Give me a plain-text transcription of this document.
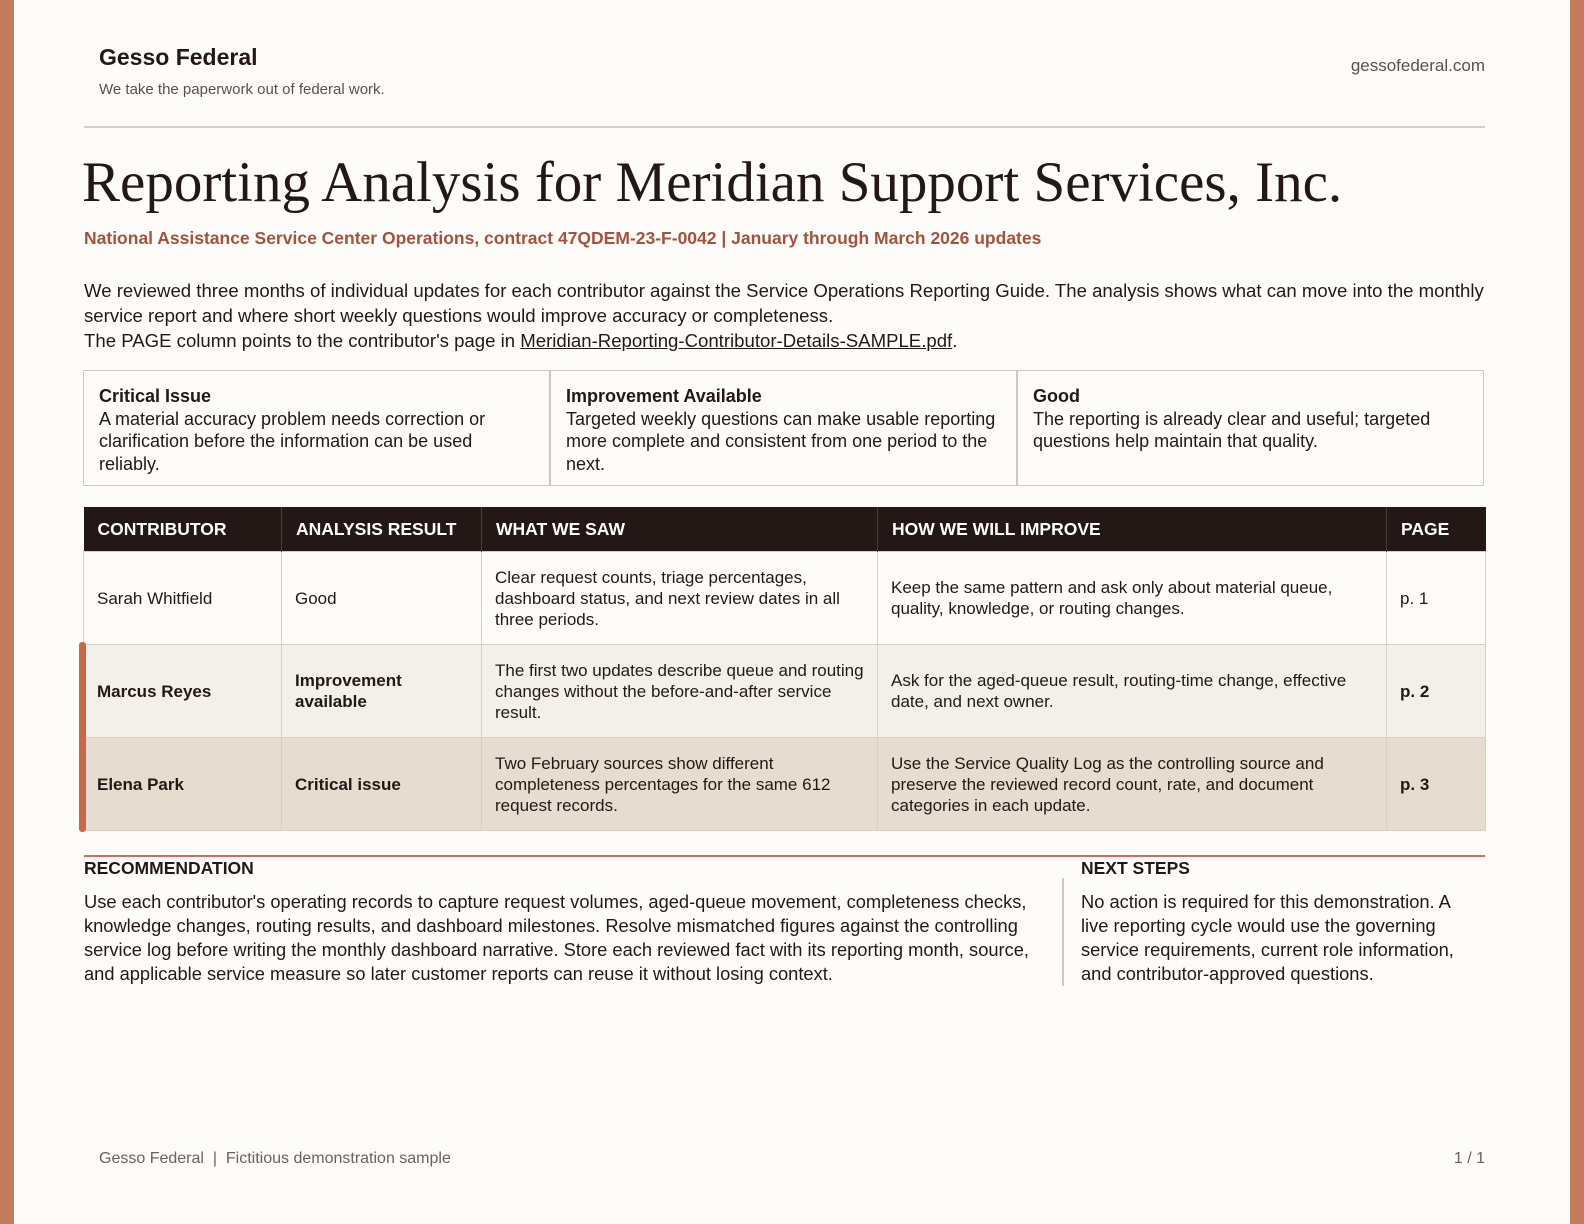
Gesso Federal
We take the paperwork out of federal work.
gessofederal.com
Reporting Analysis for Meridian Support Services, Inc.
National Assistance Service Center Operations, contract 47QDEM-23-F-0042 | January through March 2026 updates

We reviewed three months of individual updates for each contributor against the Service Operations Reporting Guide. The analysis shows what can move into the monthly service report and where short weekly questions would improve accuracy or completeness.

The PAGE column points to the contributor's page in Meridian-Reporting-Contributor-Details-SAMPLE.pdf.

Critical Issue
A material accuracy problem needs correction or clarification before the information can be used reliably.
Improvement Available
Targeted weekly questions can make usable reporting more complete and consistent from one period to the next.
Good
The reporting is already clear and useful; targeted questions help maintain that quality.
CONTRIBUTOR	ANALYSIS RESULT	WHAT WE SAW	HOW WE WILL IMPROVE	PAGE
Sarah Whitfield	Good	Clear request counts, triage percentages, dashboard status, and next review dates in all three periods.	Keep the same pattern and ask only about material queue, quality, knowledge, or routing changes.	p. 1
Marcus Reyes	Improvement available	The first two updates describe queue and routing changes without the before-and-after service result.	Ask for the aged-queue result, routing-time change, effective date, and next owner.	p. 2
Elena Park	Critical issue	Two February sources show different completeness percentages for the same 612 request records.	Use the Service Quality Log as the controlling source and preserve the reviewed record count, rate, and document categories in each update.	p. 3
RECOMMENDATION
Use each contributor's operating records to capture request volumes, aged-queue movement, completeness checks, knowledge changes, routing results, and dashboard milestones. Resolve mismatched figures against the controlling service log before writing the monthly dashboard narrative. Store each reviewed fact with its reporting month, source, and applicable service measure so later customer reports can reuse it without losing context.
NEXT STEPS
No action is required for this demonstration. A live reporting cycle would use the governing service requirements, current role information, and contributor-approved questions.
Gesso Federal  |  Fictitious demonstration sample	1 / 1
